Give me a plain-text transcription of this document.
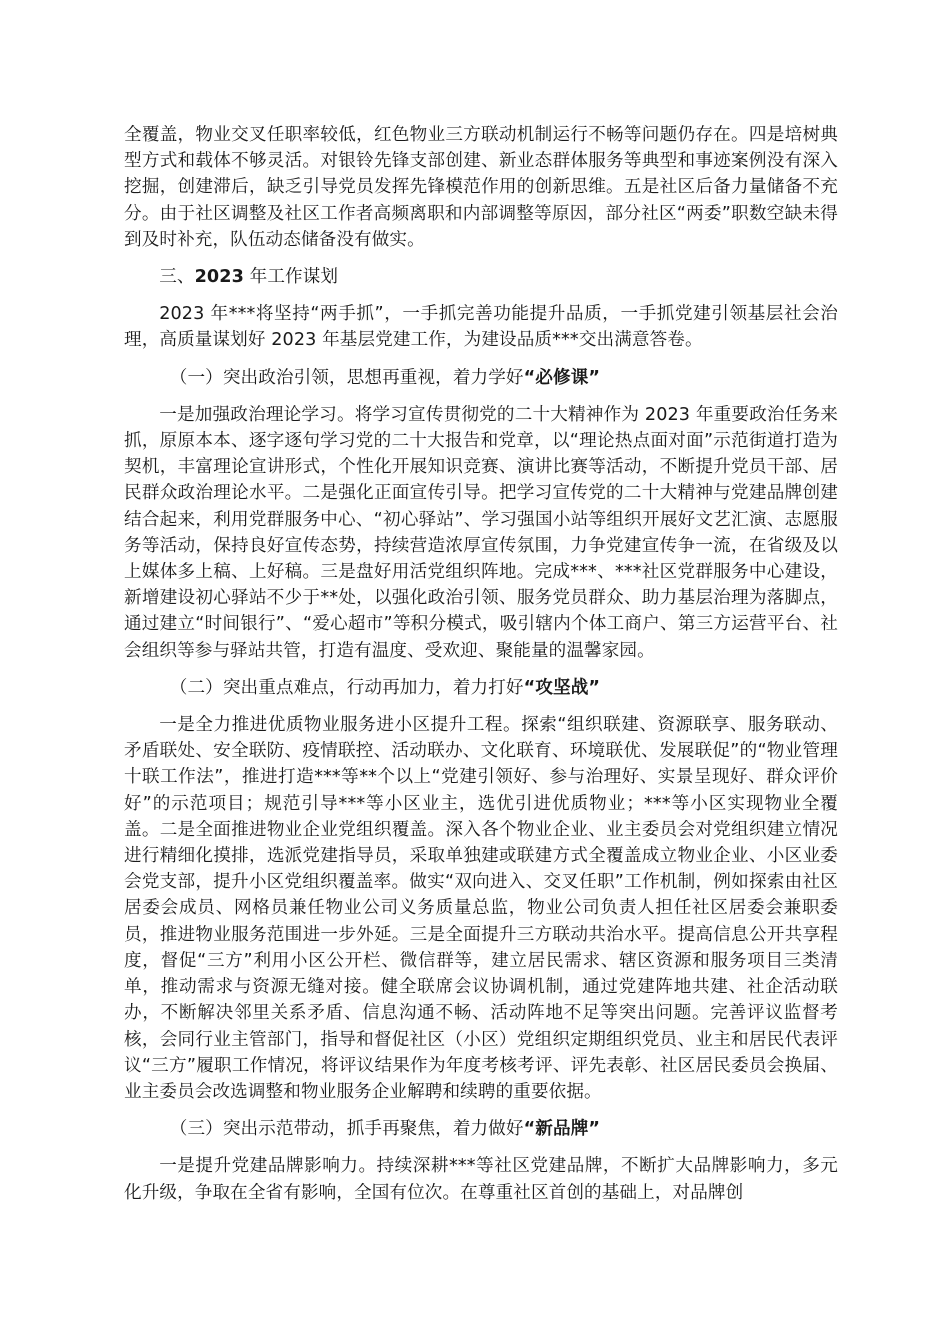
全覆盖，物业交叉任职率较低，红色物业三方联动机制运行不畅等问题仍存在。四是培树典型方式和载体不够灵活。对银铃先锋支部创建、新业态群体服务等典型和事迹案例没有深入挖掘，创建滞后，缺乏引导党员发挥先锋模范作用的创新思维。五是社区后备力量储备不充分。由于社区调整及社区工作者高频离职和内部调整等原因，部分社区“两委”职数空缺未得到及时补充，队伍动态储备没有做实。

三、2023 年工作谋划

2023 年***将坚持“两手抓”，一手抓完善功能提升品质，一手抓党建引领基层社会治理，高质量谋划好 2023 年基层党建工作，为建设品质***交出满意答卷。

（一）突出政治引领，思想再重视，着力学好“必修课”

一是加强政治理论学习。将学习宣传贯彻党的二十大精神作为 2023 年重要政治任务来抓，原原本本、逐字逐句学习党的二十大报告和党章，以“理论热点面对面”示范街道打造为契机，丰富理论宣讲形式，个性化开展知识竞赛、演讲比赛等活动，不断提升党员干部、居民群众政治理论水平。二是强化正面宣传引导。把学习宣传党的二十大精神与党建品牌创建结合起来，利用党群服务中心、“初心驿站”、学习强国小站等组织开展好文艺汇演、志愿服务等活动，保持良好宣传态势，持续营造浓厚宣传氛围，力争党建宣传争一流，在省级及以上媒体多上稿、上好稿。三是盘好用活党组织阵地。完成***、***社区党群服务中心建设，新增建设初心驿站不少于**处，以强化政治引领、服务党员群众、助力基层治理为落脚点，通过建立“时间银行”、“爱心超市”等积分模式，吸引辖内个体工商户、第三方运营平台、社会组织等参与驿站共管，打造有温度、受欢迎、聚能量的温馨家园。

（二）突出重点难点，行动再加力，着力打好“攻坚战”

一是全力推进优质物业服务进小区提升工程。探索“组织联建、资源联享、服务联动、矛盾联处、安全联防、疫情联控、活动联办、文化联育、环境联优、发展联促”的“物业管理十联工作法”，推进打造***等**个以上“党建引领好、参与治理好、实景呈现好、群众评价好”的示范项目；规范引导***等小区业主，选优引进优质物业；***等小区实现物业全覆盖。二是全面推进物业企业党组织覆盖。深入各个物业企业、业主委员会对党组织建立情况进行精细化摸排，选派党建指导员，采取单独建或联建方式全覆盖成立物业企业、小区业委会党支部，提升小区党组织覆盖率。做实“双向进入、交叉任职”工作机制，例如探索由社区居委会成员、网格员兼任物业公司义务质量总监，物业公司负责人担任社区居委会兼职委员，推进物业服务范围进一步外延。三是全面提升三方联动共治水平。提高信息公开共享程度，督促“三方”利用小区公开栏、微信群等，建立居民需求、辖区资源和服务项目三类清单，推动需求与资源无缝对接。健全联席会议协调机制，通过党建阵地共建、社企活动联办，不断解决邻里关系矛盾、信息沟通不畅、活动阵地不足等突出问题。完善评议监督考核，会同行业主管部门，指导和督促社区（小区）党组织定期组织党员、业主和居民代表评议“三方”履职工作情况，将评议结果作为年度考核考评、评先表彰、社区居民委员会换届、业主委员会改选调整和物业服务企业解聘和续聘的重要依据。

（三）突出示范带动，抓手再聚焦，着力做好“新品牌”

一是提升党建品牌影响力。持续深耕***等社区党建品牌，不断扩大品牌影响力，多元化升级，争取在全省有影响，全国有位次。在尊重社区首创的基础上，对品牌创
